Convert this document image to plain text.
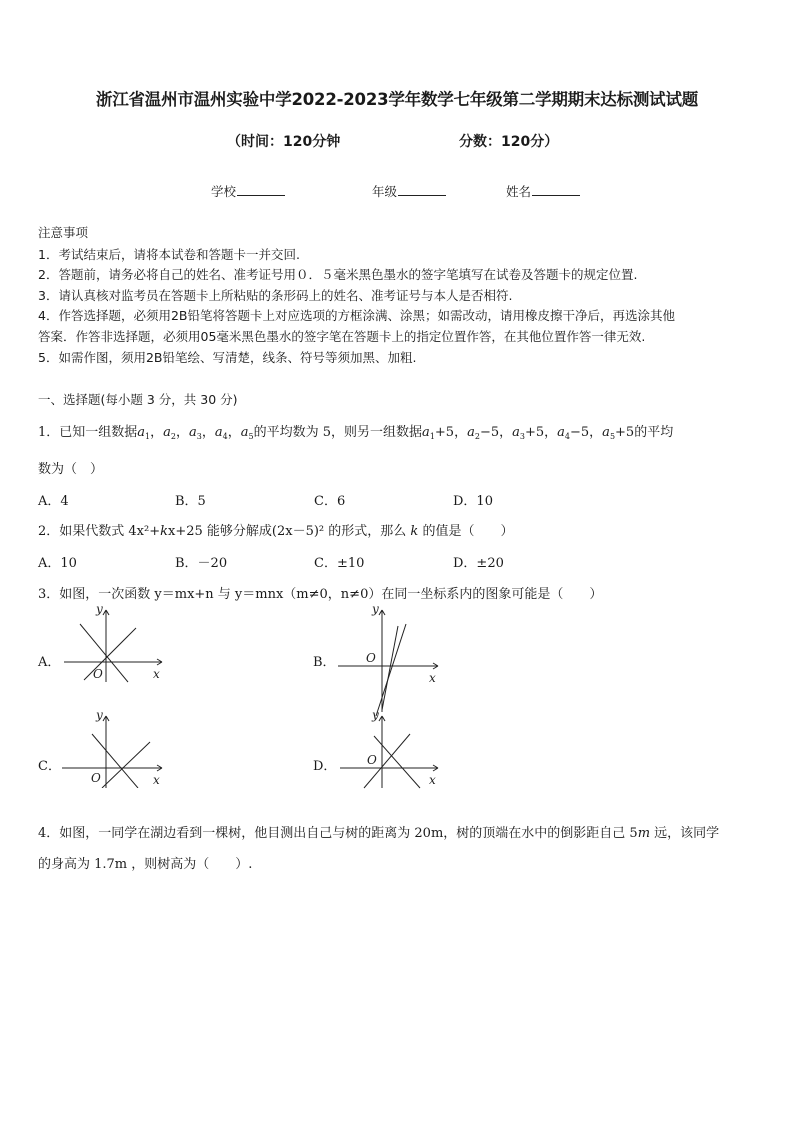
浙江省温州市温州实验中学2022-2023学年数学七年级第二学期期末达标测试试题
（时间：120分钟	分数：120分）
学校	年级	姓名
注意事项
1．考试结束后，请将本试卷和答题卡一并交回.
2．答题前，请务必将自己的姓名、准考证号用０．５毫米黑色墨水的签字笔填写在试卷及答题卡的规定位置.
3．请认真核对监考员在答题卡上所粘贴的条形码上的姓名、准考证号与本人是否相符.
4．作答选择题，必须用2B铅笔将答题卡上对应选项的方框涂满、涂黑；如需改动，请用橡皮擦干净后，再选涂其他
答案．作答非选择题，必须用05毫米黑色墨水的签字笔在答题卡上的指定位置作答，在其他位置作答一律无效.
5．如需作图，须用2B铅笔绘、写清楚，线条、符号等须加黑、加粗.
一、选择题(每小题 3 分，共 30 分)
1．已知一组数据$a_1$，$a_2$，$a_3$，$a_4$，$a_5$的平均数为 5，则另一组数据$a_1+5$，$a_2-5$，$a_3+5$，$a_4-5$，$a_5+5$的平均
数为（　）
A．4	B．5	C．6	D．10
2．如果代数式 4x²+kx+25 能够分解成(2x－5)² 的形式，那么 k 的值是（　　）
A．10	B．－20	C．±10	D．±20
3．如图，一次函数 y＝mx+n 与 y＝mnx（m≠0，n≠0）在同一坐标系内的图象可能是（　　）
A．
x
y
O
B．
x
y
O
C．
x
y
O
D．
x
y
O
4．如图，一同学在湖边看到一棵树，他目测出自己与树的距离为 20m，树的顶端在水中的倒影距自己 5m 远，该同学
的身高为 1.7m ，则树高为（　　）.
